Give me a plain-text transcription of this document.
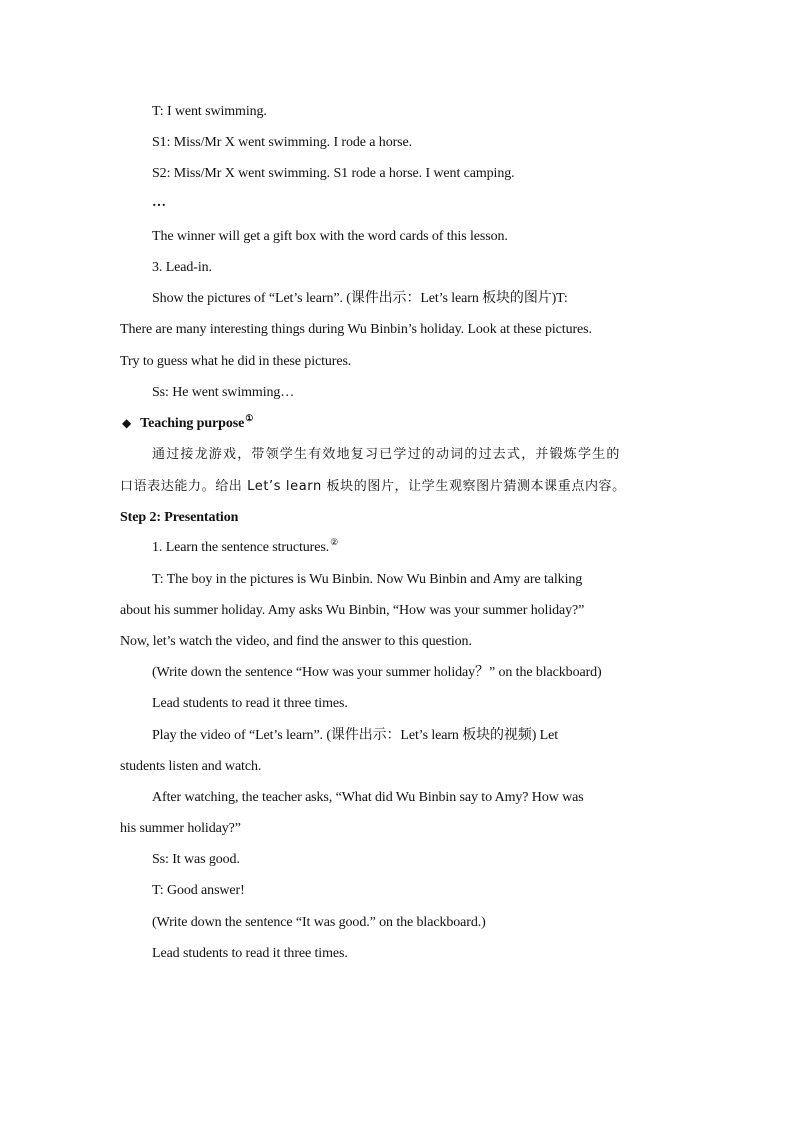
T: I went swimming.
S1: Miss/Mr X went swimming. I rode a horse.
S2: Miss/Mr X went swimming. S1 rode a horse. I went camping.
…
The winner will get a gift box with the word cards of this lesson.
3. Lead-in.
Show the pictures of “Let’s learn”. (课件出示：Let’s learn 板块的图片)T:
There are many interesting things during Wu Binbin’s holiday. Look at these pictures.
Try to guess what he did in these pictures.
Ss: He went swimming…
◆ Teaching purpose①
通过接龙游戏，带领学生有效地复习已学过的动词的过去式，并锻炼学生的
口语表达能力。给出 Let’s learn 板块的图片，让学生观察图片猜测本课重点内容。
Step 2: Presentation
1. Learn the sentence structures.②
T: The boy in the pictures is Wu Binbin. Now Wu Binbin and Amy are talking
about his summer holiday. Amy asks Wu Binbin, “How was your summer holiday?”
Now, let’s watch the video, and find the answer to this question.
(Write down the sentence “How was your summer holiday？” on the blackboard)
Lead students to read it three times.
Play the video of “Let’s learn”. (课件出示：Let’s learn 板块的视频) Let
students listen and watch.
After watching, the teacher asks, “What did Wu Binbin say to Amy? How was
his summer holiday?”
Ss: It was good.
T: Good answer!
(Write down the sentence “It was good.” on the blackboard.)
Lead students to read it three times.
